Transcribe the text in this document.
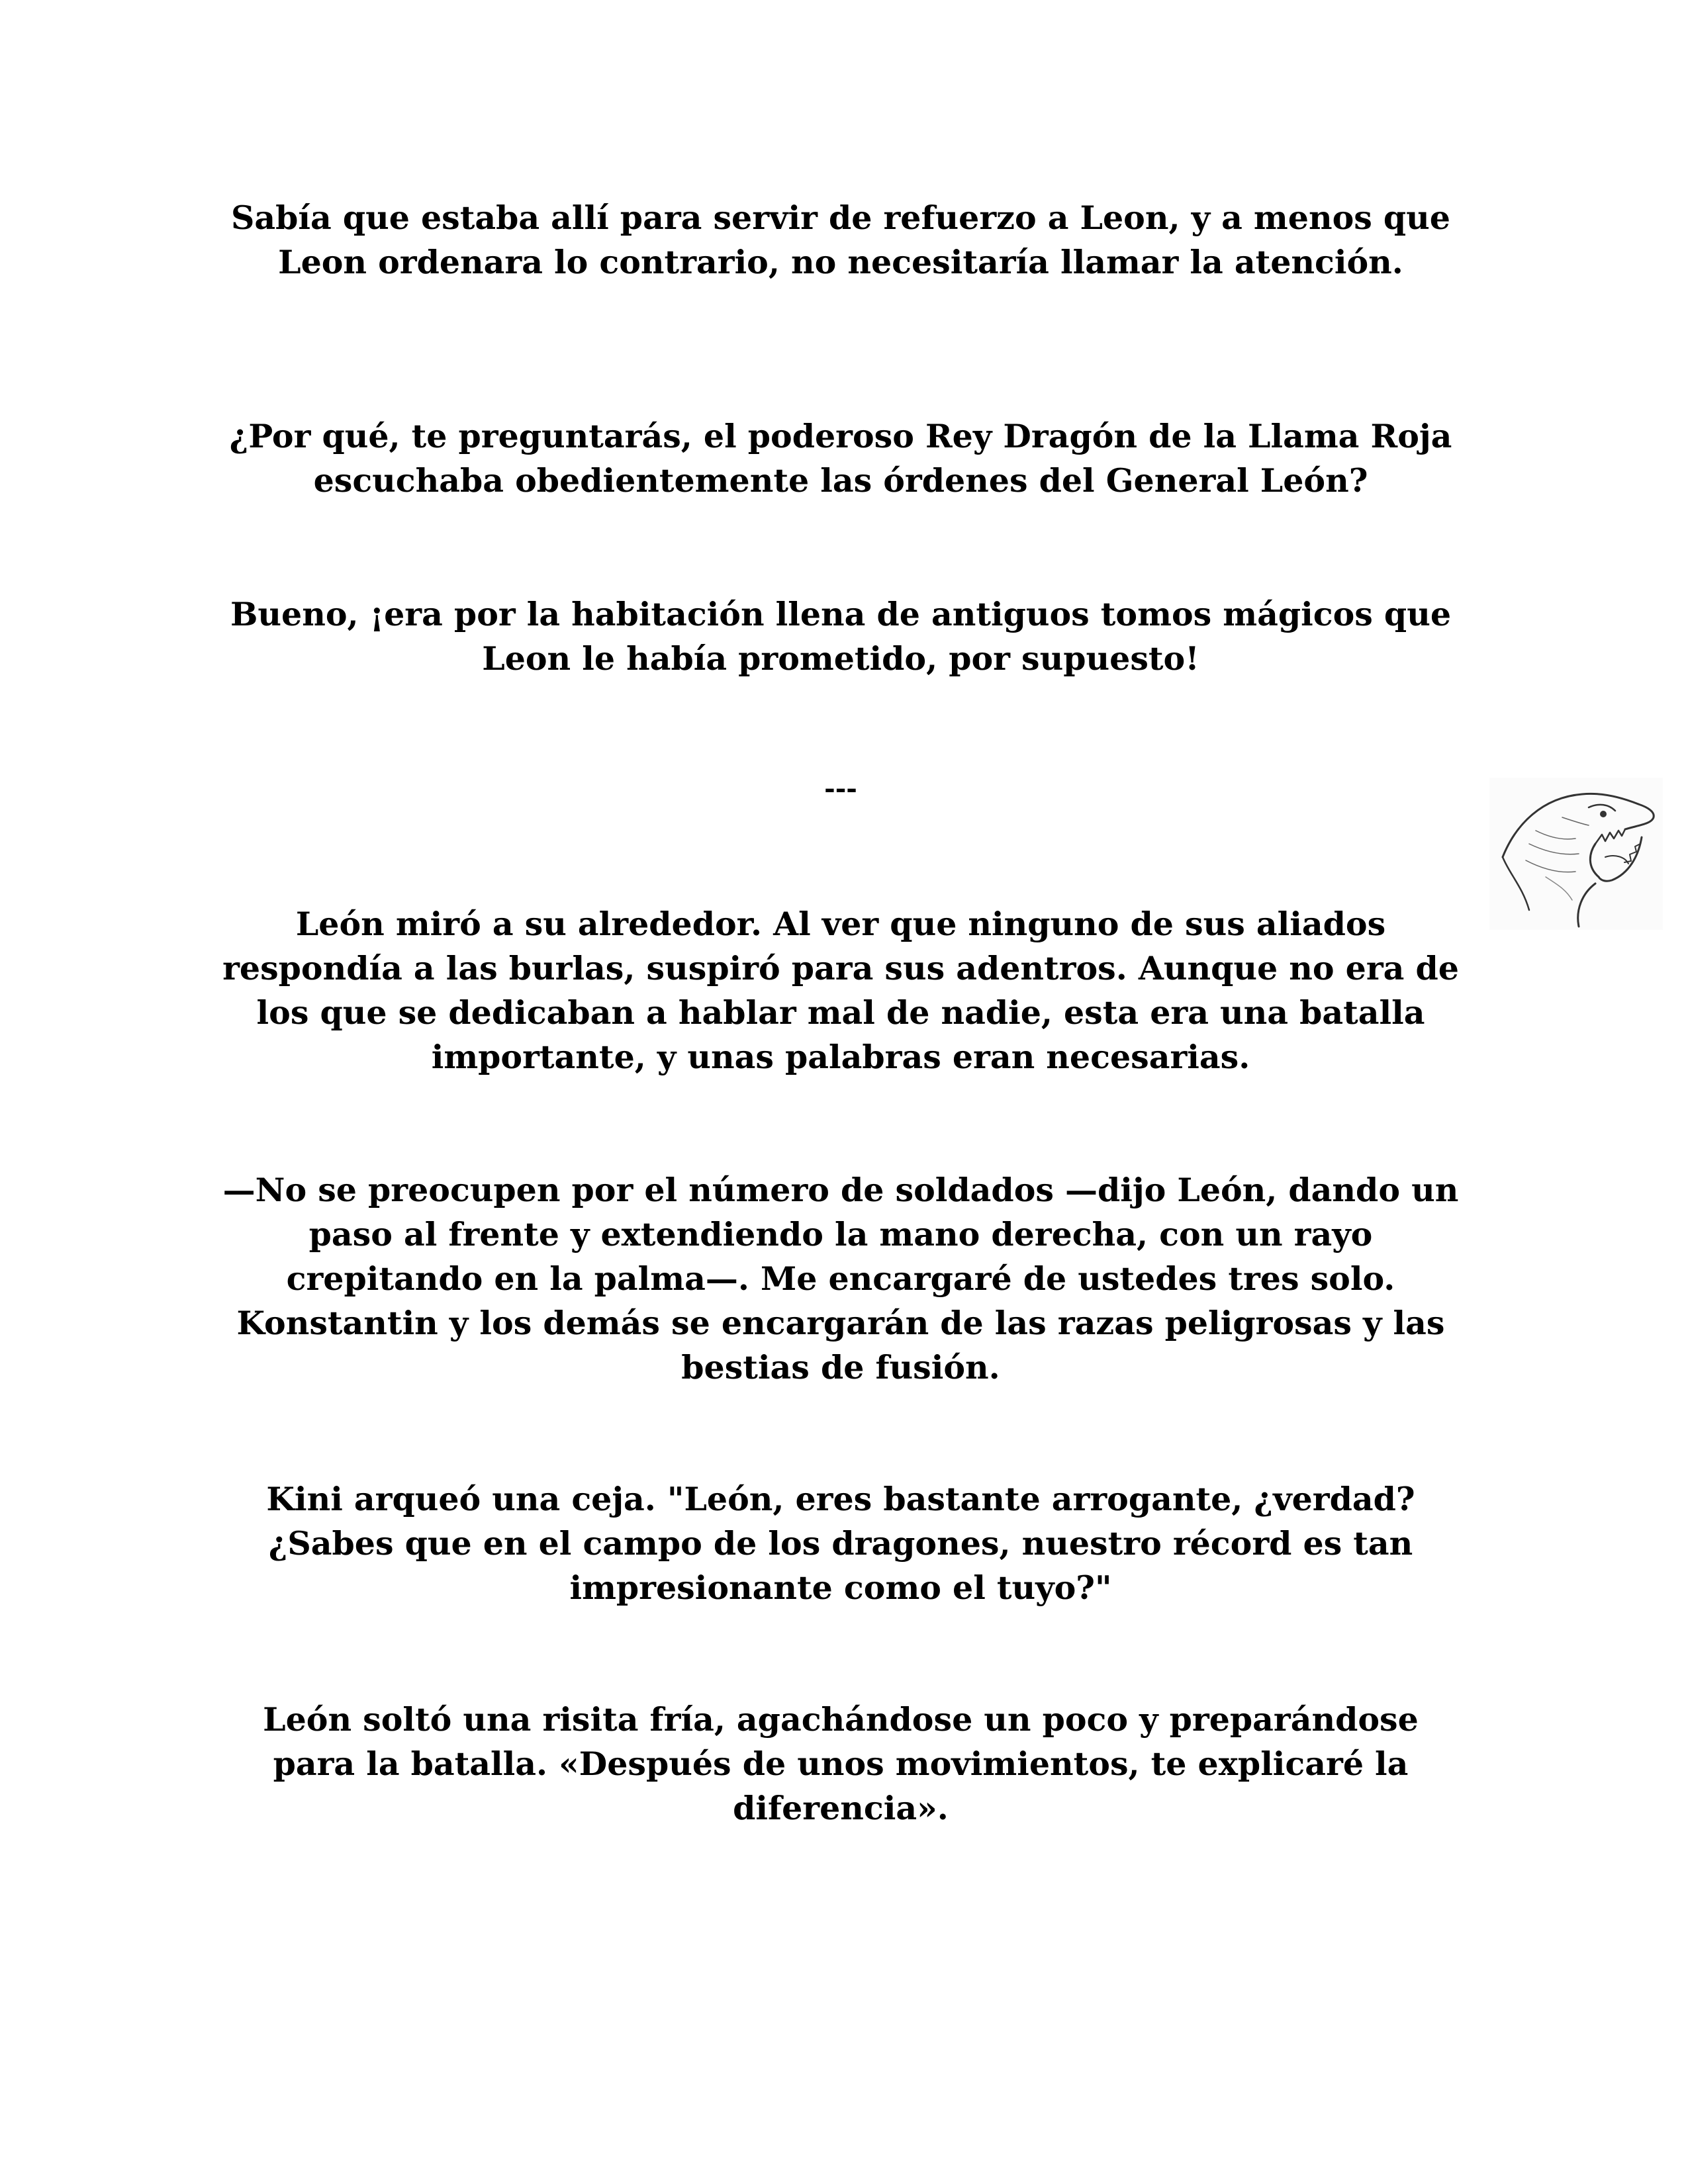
Sabía que estaba allí para servir de refuerzo a Leon, y a menos que Leon ordenara lo contrario, no necesitaría llamar la atención.

¿Por qué, te preguntarás, el poderoso Rey Dragón de la Llama Roja escuchaba obedientemente las órdenes del General León?

Bueno, ¡era por la habitación llena de antiguos tomos mágicos que Leon le había prometido, por supuesto!

---

León miró a su alrededor. Al ver que ninguno de sus aliados respondía a las burlas, suspiró para sus adentros. Aunque no era de los que se dedicaban a hablar mal de nadie, esta era una batalla importante, y unas palabras eran necesarias.

—No se preocupen por el número de soldados —dijo León, dando un paso al frente y extendiendo la mano derecha, con un rayo crepitando en la palma—. Me encargaré de ustedes tres solo. Konstantin y los demás se encargarán de las razas peligrosas y las bestias de fusión.

Kini arqueó una ceja. "León, eres bastante arrogante, ¿verdad? ¿Sabes que en el campo de los dragones, nuestro récord es tan impresionante como el tuyo?"

León soltó una risita fría, agachándose un poco y preparándose para la batalla. «Después de unos movimientos, te explicaré la diferencia».
